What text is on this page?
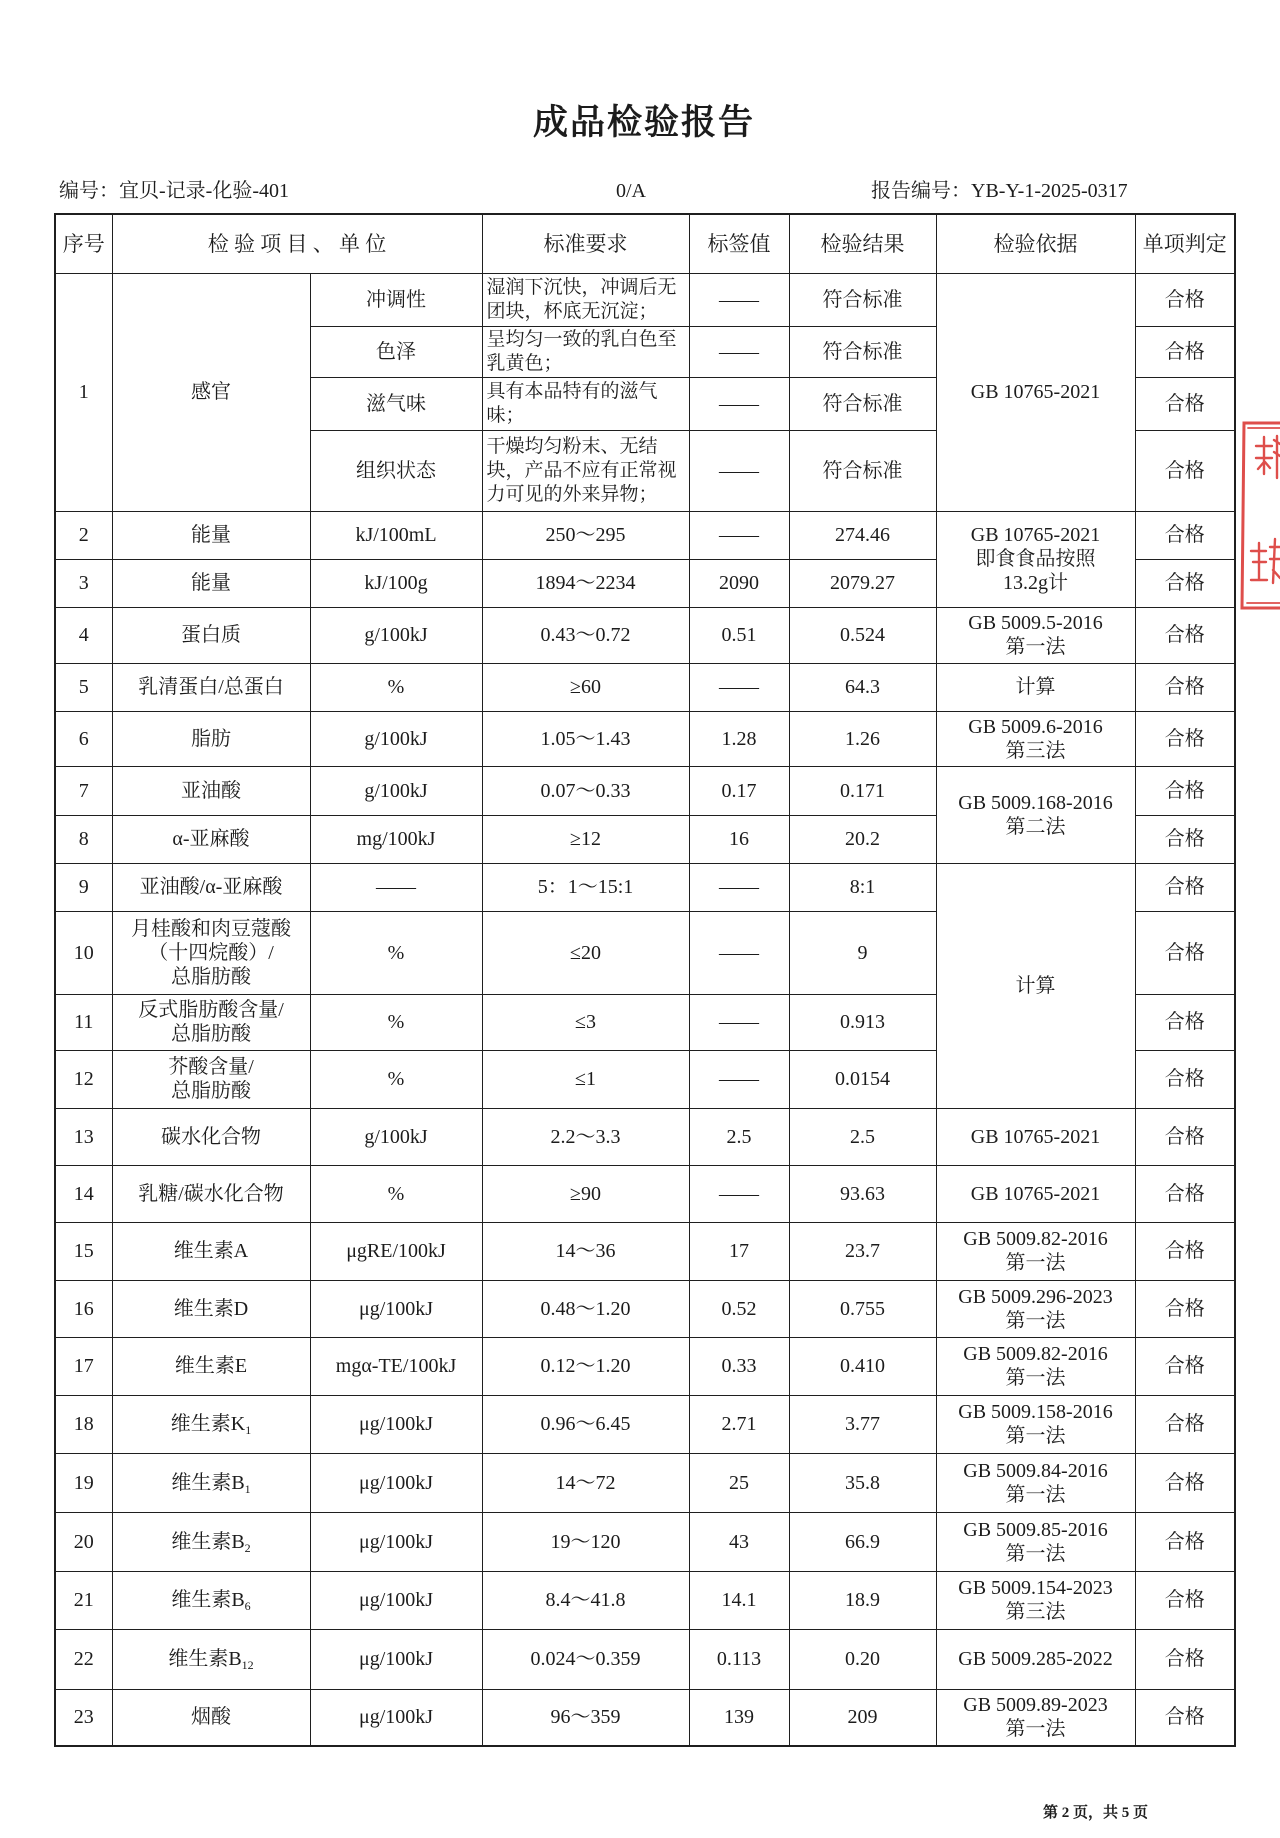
成品检验报告
编号：宜贝-记录-化验-401	0/A	报告编号：YB-Y-1-2025-0317
序号	检 验 项 目 、 单 位		标准要求	标签值	检验结果	检验依据	单项判定
1	感官	冲调性	湿润下沉快，冲调后无
团块，杯底无沉淀；	——	符合标准	GB 10765-2021	合格
		色泽	呈均匀一致的乳白色至
乳黄色；	——	符合标准		合格
		滋气味	具有本品特有的滋气
味；	——	符合标准		合格
		组织状态	干燥均匀粉末、无结
块，产品不应有正常视
力可见的外来异物；	——	符合标准		合格
2	能量	kJ/100mL	250～295	——	274.46	GB 10765-2021
即食食品按照
13.2g计	合格
3	能量	kJ/100g	1894～2234	2090	2079.27		合格
4	蛋白质	g/100kJ	0.43～0.72	0.51	0.524	GB 5009.5-2016
第一法	合格
5	乳清蛋白/总蛋白	%	≥60	——	64.3	计算	合格
6	脂肪	g/100kJ	1.05～1.43	1.28	1.26	GB 5009.6-2016
第三法	合格
7	亚油酸	g/100kJ	0.07～0.33	0.17	0.171	GB 5009.168-2016
第二法	合格
8	α-亚麻酸	mg/100kJ	≥12	16	20.2		合格
9	亚油酸/α-亚麻酸	——	5：1～15:1	——	8:1	计算	合格
10	月桂酸和肉豆蔻酸
（十四烷酸）/
总脂肪酸	%	≤20	——	9		合格
11	反式脂肪酸含量/
总脂肪酸	%	≤3	——	0.913		合格
12	芥酸含量/
总脂肪酸	%	≤1	——	0.0154		合格
13	碳水化合物	g/100kJ	2.2～3.3	2.5	2.5	GB 10765-2021	合格
14	乳糖/碳水化合物	%	≥90	——	93.63	GB 10765-2021	合格
15	维生素A	μgRE/100kJ	14～36	17	23.7	GB 5009.82-2016
第一法	合格
16	维生素D	μg/100kJ	0.48～1.20	0.52	0.755	GB 5009.296-2023
第一法	合格
17	维生素E	mgα-TE/100kJ	0.12～1.20	0.33	0.410	GB 5009.82-2016
第一法	合格
18	维生素$K_1$	μg/100kJ	0.96～6.45	2.71	3.77	GB 5009.158-2016
第一法	合格
19	维生素$B_1$	μg/100kJ	14～72	25	35.8	GB 5009.84-2016
第一法	合格
20	维生素$B_2$	μg/100kJ	19～120	43	66.9	GB 5009.85-2016
第一法	合格
21	维生素$B_6$	μg/100kJ	8.4～41.8	14.1	18.9	GB 5009.154-2023
第三法	合格
22	维生素$B_{12}$	μg/100kJ	0.024～0.359	0.113	0.20	GB 5009.285-2022	合格
23	烟酸	μg/100kJ	96～359	139	209	GB 5009.89-2023
第一法	合格
第 2 页，共 5 页
